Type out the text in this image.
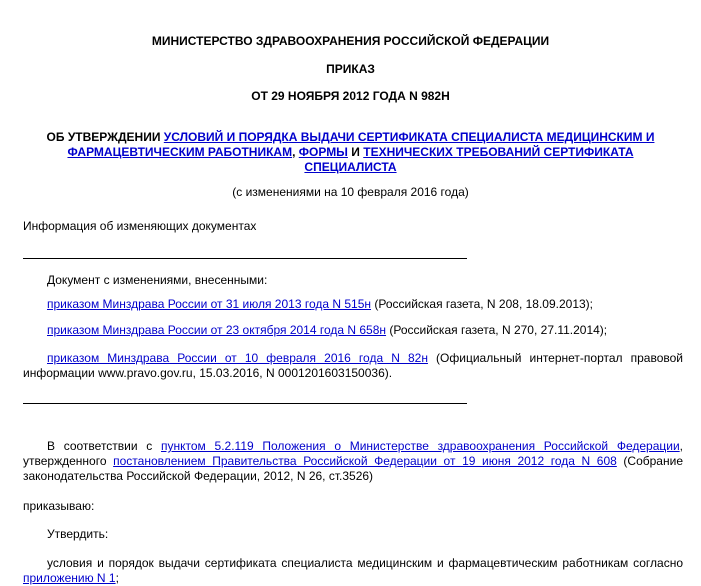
МИНИСТЕРСТВО ЗДРАВООХРАНЕНИЯ РОССИЙСКОЙ ФЕДЕРАЦИИ
ПРИКАЗ
ОТ 29 НОЯБРЯ 2012 ГОДА N 982Н
ОБ УТВЕРЖДЕНИИ УСЛОВИЙ И ПОРЯДКА ВЫДАЧИ СЕРТИФИКАТА СПЕЦИАЛИСТА МЕДИЦИНСКИМ И
ФАРМАЦЕВТИЧЕСКИМ РАБОТНИКАМ, ФОРМЫ И ТЕХНИЧЕСКИХ ТРЕБОВАНИЙ СЕРТИФИКАТА
СПЕЦИАЛИСТА
(с изменениями на 10 февраля 2016 года)
Информация об изменяющих документах
Документ с изменениями, внесенными:
приказом Минздрава России от 31 июля 2013 года N 515н (Российская газета, N 208, 18.09.2013);
приказом Минздрава России от 23 октября 2014 года N 658н (Российская газета, N 270, 27.11.2014);
приказом Минздрава России от 10 февраля 2016 года N 82н (Официальный интернет-портал правовой информации www.pravo.gov.ru, 15.03.2016, N 0001201603150036).
В соответствии с пунктом 5.2.119 Положения о Министерстве здравоохранения Российской Федерации, утвержденного постановлением Правительства Российской Федерации от 19 июня 2012 года N 608 (Собрание законодательства Российской Федерации, 2012, N 26, ст.3526)
приказываю:
Утвердить:
условия и порядок выдачи сертификата специалиста медицинским и фармацевтическим работникам согласно приложению N 1;
